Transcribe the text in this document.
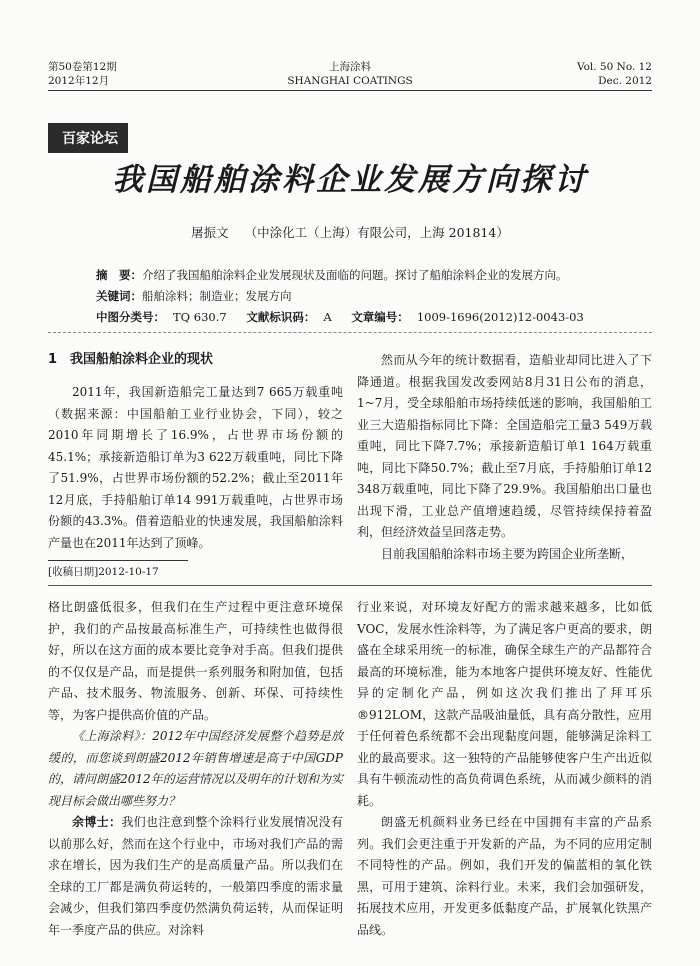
第50卷第12期
2012年12月
上海涂料
SHANGHAI COATINGS
Vol. 50 No. 12
Dec. 2012
百家论坛
我国船舶涂料企业发展方向探讨
屠振文 （中涂化工（上海）有限公司，上海 201814）
摘　要：介绍了我国船舶涂料企业发展现状及面临的问题。探讨了船舶涂料企业的发展方向。
关键词：船舶涂料；制造业；发展方向
中图分类号： TQ 630.7 文献标识码： A 文章编号： 1009-1696(2012)12-0043-03
1　我国船舶涂料企业的现状

2011年，我国新造船完工量达到7 665万载重吨（数据来源：中国船舶工业行业协会，下同），较之2010年同期增长了16.9%，占世界市场份额的45.1%；承接新造船订单为3 622万载重吨，同比下降了51.9%，占世界市场份额的52.2%；截止至2011年12月底，手持船舶订单14 991万载重吨，占世界市场份额的43.3%。借着造船业的快速发展，我国船舶涂料产量也在2011年达到了顶峰。

[收稿日期]2012-10-17

然而从今年的统计数据看，造船业却同比进入了下降通道。根据我国发改委网站8月31日公布的消息，1~7月，受全球船舶市场持续低迷的影响，我国船舶工业三大造船指标同比下降：全国造船完工量3 549万载重吨，同比下降7.7%；承接新造船订单1 164万载重吨，同比下降50.7%；截止至7月底，手持船舶订单12 348万载重吨，同比下降了29.9%。我国船舶出口量也出现下滑，工业总产值增速趋缓，尽管持续保持着盈利，但经济效益呈回落走势。

目前我国船舶涂料市场主要为跨国企业所垄断，

格比朗盛低很多，但我们在生产过程中更注意环境保护，我们的产品按最高标准生产，可持续性也做得很好，所以在这方面的成本要比竞争对手高。但我们提供的不仅仅是产品，而是提供一系列服务和附加值，包括产品、技术服务、物流服务、创新、环保、可持续性等，为客户提供高价值的产品。

《上海涂料》：2012年中国经济发展整个趋势是放缓的，而您谈到朗盛2012年销售增速是高于中国GDP的，请问朗盛2012年的运营情况以及明年的计划和为实现目标会做出哪些努力？

余博士：我们也注意到整个涂料行业发展情况没有以前那么好，然而在这个行业中，市场对我们产品的需求在增长，因为我们生产的是高质量产品。所以我们在全球的工厂都是满负荷运转的，一般第四季度的需求量会减少，但我们第四季度仍然满负荷运转，从而保证明年一季度产品的供应。对涂料

行业来说，对环境友好配方的需求越来越多，比如低VOC，发展水性涂料等，为了满足客户更高的要求，朗盛在全球采用统一的标准，确保全球生产的产品都符合最高的环境标准，能为本地客户提供环境友好、性能优异的定制化产品，例如这次我们推出了拜耳乐®912LOM，这款产品吸油量低，具有高分散性，应用于任何着色系统都不会出现黏度问题，能够满足涂料工业的最高要求。这一独特的产品能够使客户生产出近似具有牛顿流动性的高负荷调色系统，从而减少颜料的消耗。

朗盛无机颜料业务已经在中国拥有丰富的产品系列。我们会更注重于开发新的产品，为不同的应用定制不同特性的产品。例如，我们开发的偏蓝相的氧化铁黑，可用于建筑、涂料行业。未来，我们会加强研发，拓展技术应用，开发更多低黏度产品，扩展氧化铁黑产品线。
